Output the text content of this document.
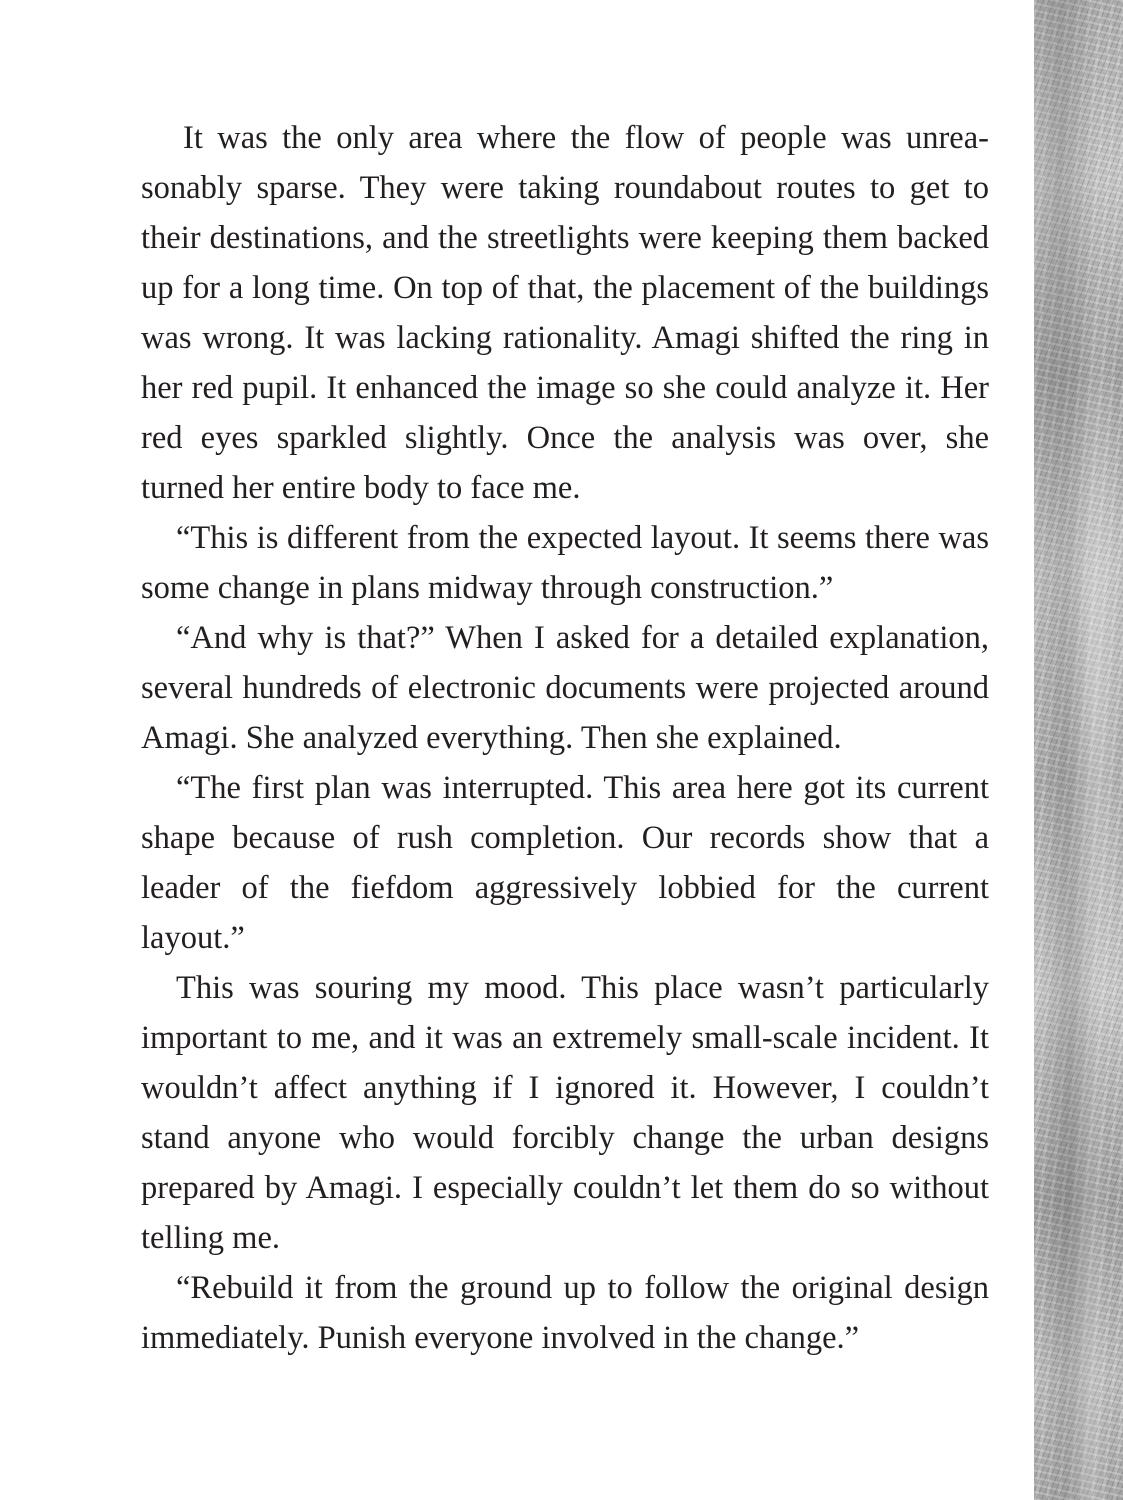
It was the only area where the flow of people was unreasonably sparse. They were taking roundabout routes to get to their destinations, and the streetlights were keeping them backed up for a long time. On top of that, the placement of the buildings was wrong. It was lacking rationality. Amagi shifted the ring in her red pupil. It enhanced the image so she could analyze it. Her red eyes sparkled slightly. Once the analysis was over, she turned her entire body to face me.

“This is different from the expected layout. It seems there was some change in plans midway through construction.”

“And why is that?” When I asked for a detailed explanation, several hundreds of electronic documents were projected around Amagi. She analyzed everything. Then she explained.

“The first plan was interrupted. This area here got its current shape because of rush completion. Our records show that a leader of the fiefdom aggressively lobbied for the current layout.”

This was souring my mood. This place wasn’t particularly important to me, and it was an extremely small-scale incident. It wouldn’t affect anything if I ignored it. However, I couldn’t stand anyone who would forcibly change the urban designs prepared by Amagi. I especially couldn’t let them do so without telling me.

“Rebuild it from the ground up to follow the original design immediately. Punish everyone involved in the change.”
